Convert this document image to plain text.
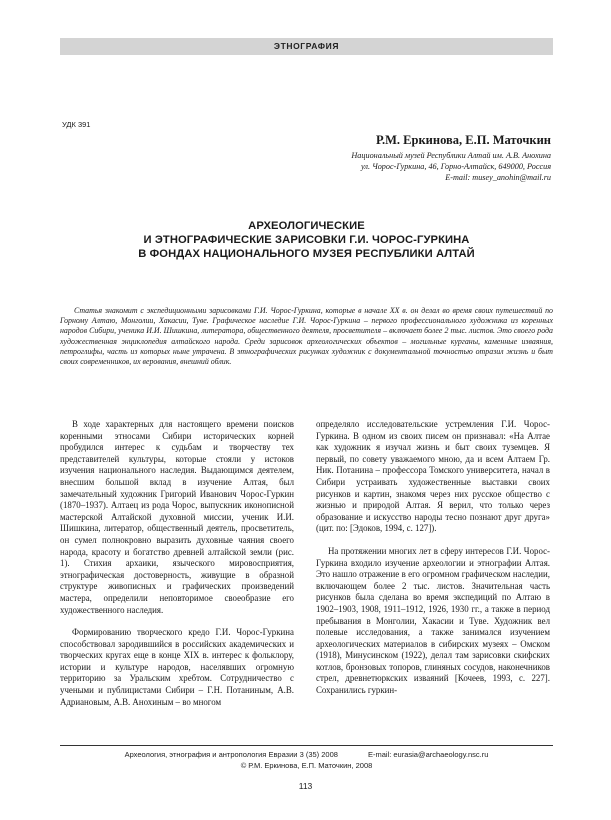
ЭТНОГРАФИЯ
УДК 391
Р.М. Еркинова, Е.П. Маточкин
Национальный музей Республики Алтай им. А.В. Анохина
ул. Чорос-Гуркина, 46, Горно-Алтайск, 649000, Россия
E-mail: musey_anohin@mail.ru
АРХЕОЛОГИЧЕСКИЕ
И ЭТНОГРАФИЧЕСКИЕ ЗАРИСОВКИ Г.И. ЧОРОС-ГУРКИНА
В ФОНДАХ НАЦИОНАЛЬНОГО МУЗЕЯ РЕСПУБЛИКИ АЛТАЙ
Статья знакомит с экспедиционными зарисовками Г.И. Чорос-Гуркина, которые в начале XX в. он делал во время своих путешествий по Горному Алтаю, Монголии, Хакасии, Туве. Графическое наследие Г.И. Чорос-Гуркина – первого профессионального художника из коренных народов Сибири, ученика И.И. Шишкина, литератора, общественного деятеля, просветителя – включает более 2 тыс. листов. Это своего рода художественная энциклопедия алтайского народа. Среди зарисовок археологических объектов – могильные курганы, каменные изваяния, петроглифы, часть из которых ныне утрачена. В этнографических рисунках художник с документальной точностью отразил жизнь и быт своих современников, их верования, внешний облик.

В ходе характерных для настоящего времени поисков коренными этносами Сибири исторических корней пробудился интерес к судьбам и творчеству тех представителей культуры, которые стояли у истоков изучения национального наследия. Выдающимся деятелем, внесшим большой вклад в изучение Алтая, был замечательный художник Григорий Иванович Чорос-Гуркин (1870–1937). Алтаец из рода Чорос, выпускник иконописной мастерской Алтайской духовной миссии, ученик И.И. Шишкина, литератор, общественный деятель, просветитель, он сумел полнокровно выразить духовные чаяния своего народа, красоту и богатство древней алтайской земли (рис. 1). Стихия архаики, языческого мировосприятия, этнографическая достоверность, живущие в образной структуре живописных и графических произведений мастера, определили неповторимое своеобразие его художественного наследия.

Формированию творческого кредо Г.И. Чорос-Гуркина способствовал зародившийся в российских академических и творческих кругах еще в конце XIX в. интерес к фольклору, истории и культуре народов, населявших огромную территорию за Уральским хребтом. Сотрудничество с учеными и публицистами Сибири – Г.Н. Потаниным, А.В. Адриановым, А.В. Анохиным – во многом

определяло исследовательские устремления Г.И. Чорос-Гуркина. В одном из своих писем он признавал: «На Алтае как художник я изучал жизнь и быт своих туземцев. Я первый, по совету уважаемого мною, да и всем Алтаем Гр. Ник. Потанина – профессора Томского университета, начал в Сибири устраивать художественные выставки своих рисунков и картин, знакомя через них русское общество с жизнью и природой Алтая. Я верил, что только через образование и искусство народы тесно познают друг друга» (цит. по: [Эдоков, 1994, с. 127]).

На протяжении многих лет в сферу интересов Г.И. Чорос-Гуркина входило изучение археологии и этнографии Алтая. Это нашло отражение в его огромном графическом наследии, включающем более 2 тыс. листов. Значительная часть рисунков была сделана во время экспедиций по Алтаю в 1902–1903, 1908, 1911–1912, 1926, 1930 гг., а также в период пребывания в Монголии, Хакасии и Туве. Художник вел полевые исследования, а также занимался изучением археологических материалов в сибирских музеях – Омском (1918), Минусинском (1922), делал там зарисовки скифских котлов, бронзовых топоров, глиняных сосудов, наконечников стрел, древнетюркских изваяний [Кочеев, 1993, с. 227]. Сохранились гуркин-

Археология, этнография и антропология Евразии 3 (35) 2008	E-mail: eurasia@archaeology.nsc.ru
© Р.М. Еркинова, Е.П. Маточкин, 2008
113
